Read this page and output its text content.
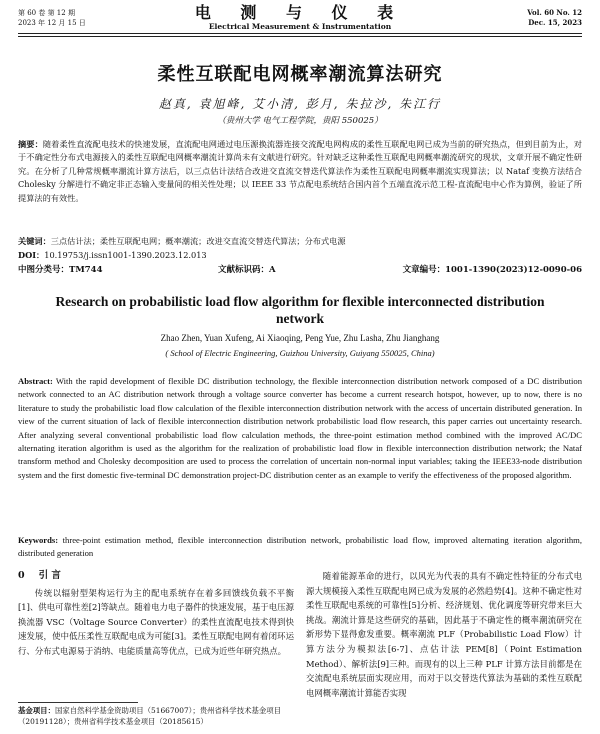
第 60 卷 第 12 期
2023 年 12 月 15 日
电 测 与 仪 表
Electrical Measurement & Instrumentation
Vol. 60 No. 12
Dec. 15, 2023
柔性互联配电网概率潮流算法研究
赵真, 袁旭峰, 艾小清, 彭月, 朱拉沙, 朱江行
（贵州大学 电气工程学院，贵阳 550025）
摘要：随着柔性直流配电技术的快速发展，直流配电网通过电压源换流器连接交流配电网构成的柔性互联配电网已成为当前的研究热点，但到目前为止，对于不确定性分布式电源接入的柔性互联配电网概率潮流计算尚未有文献进行研究。针对缺乏这种柔性互联配电网概率潮流研究的现状，文章开展不确定性研究。在分析了几种常规概率潮流计算方法后，以三点估计法结合改进交直流交替迭代算法作为柔性互联配电网概率潮流实现算法；以 Nataf 变换方法结合 Cholesky 分解进行不确定非正态输入变量间的相关性处理；以 IEEE 33 节点配电系统结合国内首个五端直流示范工程-直流配电中心作为算例，验证了所提算法的有效性。
关键词：三点估计法；柔性互联配电网；概率潮流；改进交直流交替迭代算法；分布式电源
DOI：10.19753/j.issn1001-1390.2023.12.013
中图分类号：TM744	文献标识码：A	文章编号：1001-1390(2023)12-0090-06
Research on probabilistic load flow algorithm for flexible interconnected distribution network
Zhao Zhen, Yuan Xufeng, Ai Xiaoqing, Peng Yue, Zhu Lasha, Zhu Jianghang
( School of Electric Engineering, Guizhou University, Guiyang 550025, China)
Abstract: With the rapid development of flexible DC distribution technology, the flexible interconnection distribution network composed of a DC distribution network connected to an AC distribution network through a voltage source converter has become a current research hotspot, however, up to now, there is no literature to study the probabilistic load flow calculation of the flexible interconnection distribution network with the access of uncertain distributed generation. In view of the current situation of lack of flexible interconnection distribution network probabilistic load flow research, this paper carries out uncertainty research. After analyzing several conventional probabilistic load flow calculation methods, the three-point estimation method combined with the improved AC/DC alternating iteration algorithm is used as the algorithm for the realization of probabilistic load flow in flexible interconnection distribution network; the Nataf transform method and Cholesky decomposition are used to process the correlation of uncertain non-normal input variables; taking the IEEE33-node distribution system and the first domestic five-terminal DC demonstration project-DC distribution center as an example to verify the effectiveness of the proposed algorithm.
Keywords: three-point estimation method, flexible interconnection distribution network, probabilistic load flow, improved alternating iteration algorithm, distributed generation
0 引 言
传统以辐射型架构运行为主的配电系统存在着多回馈线负载不平衡[1]、供电可靠性差[2]等缺点。随着电力电子器件的快速发展，基于电压源换流器 VSC（Voltage Source Converter）的柔性直流配电技术得到快速发展，使中低压柔性互联配电成为可能[3]。柔性互联配电网有着闭环运行、分布式电源易于消纳、电能质量高等优点，已成为近些年研究热点。
随着能源革命的进行，以风光为代表的具有不确定性特征的分布式电源大规模接入柔性互联配电网已成为发展的必然趋势[4]。这种不确定性对柔性互联配电系统的可靠性[5]分析、经济规划、优化调度等研究带来巨大挑战。潮流计算是这些研究的基础，因此基于不确定性的概率潮流研究在新形势下显得愈发重要。概率潮流 PLF（Probabilistic Load Flow）计算方法分为模拟法[6-7]、点估计法 PEM[8]（Point Estimation Method）、解析法[9]三种。而现有的以上三种 PLF 计算方法目前都是在交流配电系统层面实现应用，而对于以交替迭代算法为基础的柔性互联配电网概率潮流计算能否实现
基金项目：国家自然科学基金资助项目（51667007）；贵州省科学技术基金项目（20191128）；贵州省科学技术基金项目（20185615）
